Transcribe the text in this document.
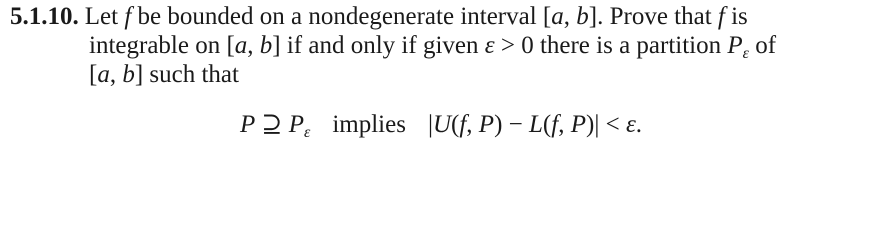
5.1.10. Let f be bounded on a nondegenerate interval [a, b]. Prove that f is
integrable on [a, b] if and only if given ε > 0 there is a partition $P_\varepsilon$ of
[a, b] such that
P ⊇ $P_\varepsilon$ implies |U(f, P) − L(f, P)| < ε.
